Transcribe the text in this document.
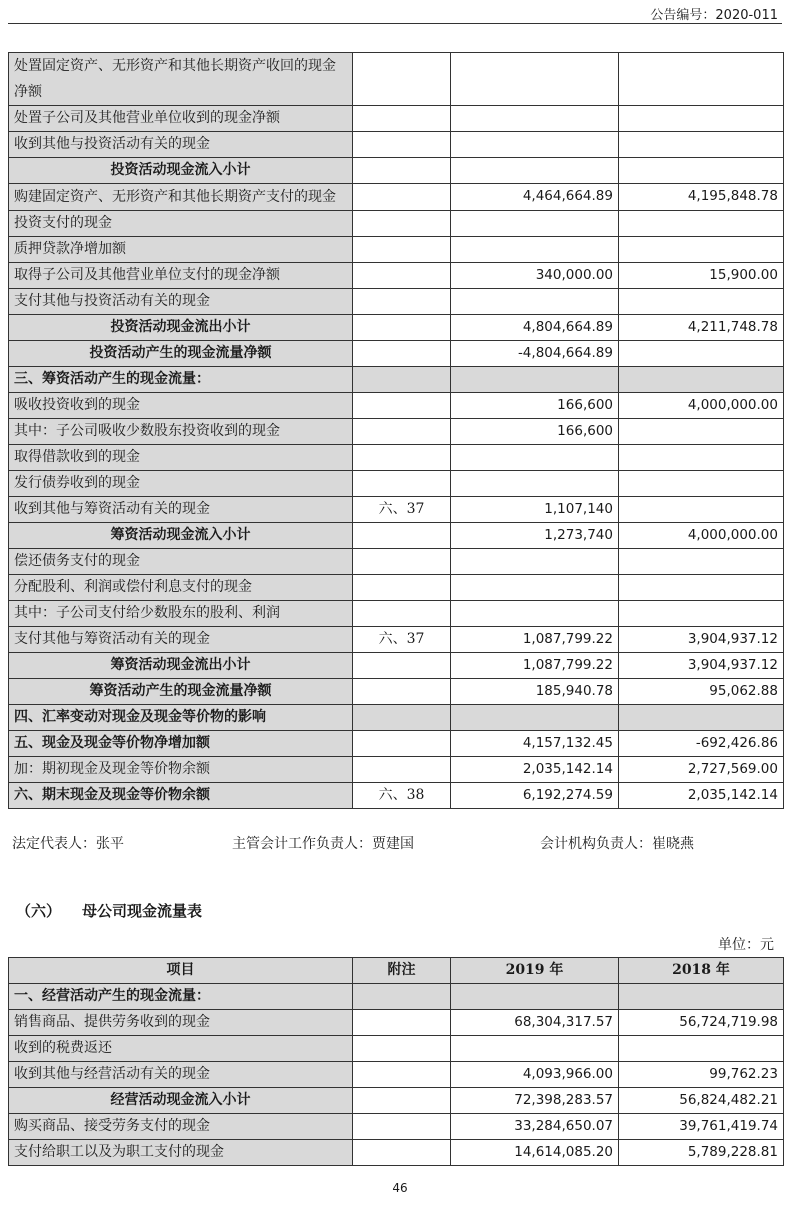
公告编号：2020-011
处置固定资产、无形资产和其他长期资产收回的现金净额			
处置子公司及其他营业单位收到的现金净额			
收到其他与投资活动有关的现金			
投资活动现金流入小计			
购建固定资产、无形资产和其他长期资产支付的现金		4,464,664.89	4,195,848.78
投资支付的现金			
质押贷款净增加额			
取得子公司及其他营业单位支付的现金净额		340,000.00	15,900.00
支付其他与投资活动有关的现金			
投资活动现金流出小计		4,804,664.89	4,211,748.78
投资活动产生的现金流量净额		-4,804,664.89	
三、筹资活动产生的现金流量：			
吸收投资收到的现金		166,600	4,000,000.00
其中：子公司吸收少数股东投资收到的现金		166,600	
取得借款收到的现金			
发行债券收到的现金			
收到其他与筹资活动有关的现金	六、37	1,107,140	
筹资活动现金流入小计		1,273,740	4,000,000.00
偿还债务支付的现金			
分配股利、利润或偿付利息支付的现金			
其中：子公司支付给少数股东的股利、利润			
支付其他与筹资活动有关的现金	六、37	1,087,799.22	3,904,937.12
筹资活动现金流出小计		1,087,799.22	3,904,937.12
筹资活动产生的现金流量净额		185,940.78	95,062.88
四、汇率变动对现金及现金等价物的影响			
五、现金及现金等价物净增加额		4,157,132.45	-692,426.86
加：期初现金及现金等价物余额		2,035,142.14	2,727,569.00
六、期末现金及现金等价物余额	六、38	6,192,274.59	2,035,142.14
法定代表人：张平	主管会计工作负责人：贾建国	会计机构负责人：崔晓燕
（六） 母公司现金流量表
单位：元
项目	附注	2019 年	2018 年
一、经营活动产生的现金流量：			
销售商品、提供劳务收到的现金		68,304,317.57	56,724,719.98
收到的税费返还			
收到其他与经营活动有关的现金		4,093,966.00	99,762.23
经营活动现金流入小计		72,398,283.57	56,824,482.21
购买商品、接受劳务支付的现金		33,284,650.07	39,761,419.74
支付给职工以及为职工支付的现金		14,614,085.20	5,789,228.81
46
